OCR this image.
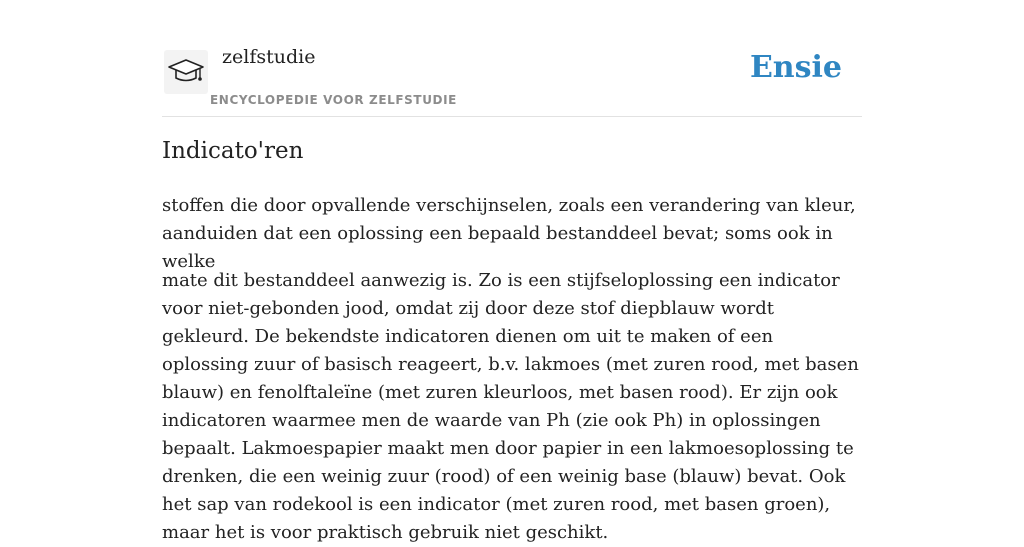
zelfstudie
ENCYCLOPEDIE VOOR ZELFSTUDIE
Ensie
Indicato'ren

stoffen die door opvallende verschijnselen, zoals een verandering van kleur, aanduiden dat een oplossing een bepaald bestanddeel bevat; soms ook in welke

mate dit bestanddeel aanwezig is. Zo is een stijfseloplossing een indicator voor niet-gebonden jood, omdat zij door deze stof diepblauw wordt gekleurd. De bekendste indicatoren dienen om uit te maken of een oplossing zuur of basisch reageert, b.v. lakmoes (met zuren rood, met basen blauw) en fenolftaleïne (met zuren kleurloos, met basen rood). Er zijn ook indicatoren waarmee men de waarde van Ph (zie ook Ph) in oplossingen bepaalt. Lakmoespapier maakt men door papier in een lakmoesoplossing te drenken, die een weinig zuur (rood) of een weinig base (blauw) bevat. Ook het sap van rodekool is een indicator (met zuren rood, met basen groen), maar het is voor praktisch gebruik niet geschikt.
